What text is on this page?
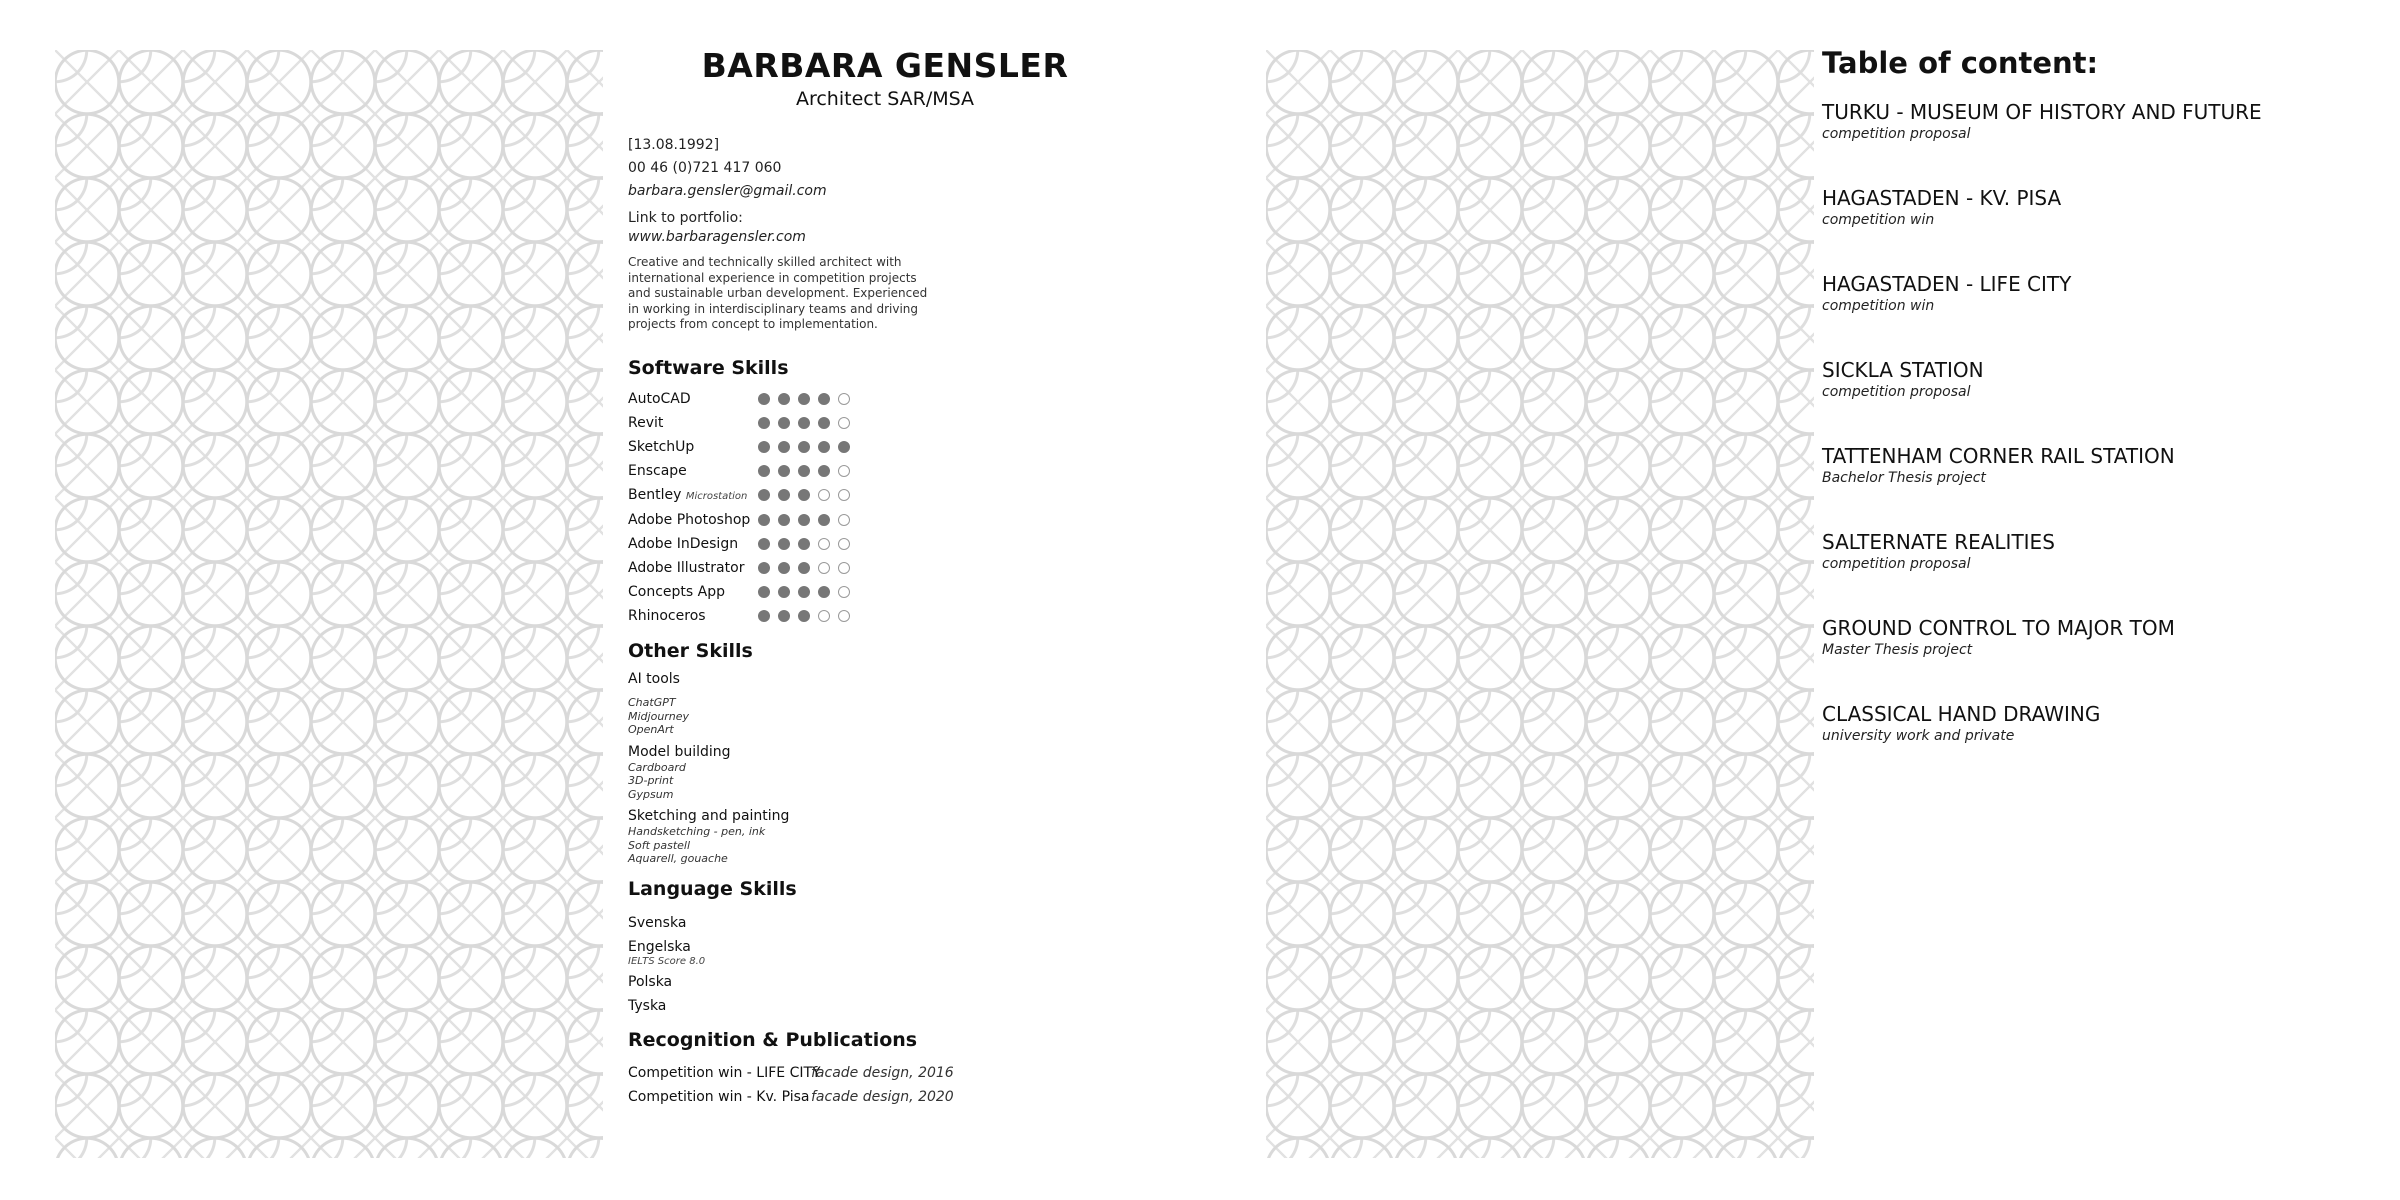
BARBARA GENSLER

Architect SAR/MSA

[13.08.1992]
00 46 (0)721 417 060
barbara.gensler@gmail.com
Link to portfolio:
www.barbaragensler.com
Creative and technically skilled architect with international experience in competition projects and sustainable urban development. Experienced in working in interdisciplinary teams and driving projects from concept to implementation.
Software Skills
AutoCAD
Revit
SketchUp
Enscape
Bentley Microstation
Adobe Photoshop
Adobe InDesign
Adobe Illustrator
Concepts App
Rhinoceros
Other Skills
AI tools
ChatGPT
Midjourney
OpenArt
Model building
Cardboard
3D-print
Gypsum
Sketching and painting
Handsketching - pen, ink
Soft pastell
Aquarell, gouache
Language Skills
Svenska
Engelska
IELTS Score 8.0
Polska
Tyska
Recognition & Publications
Competition win - LIFE CITY
facade design, 2016
Competition win - Kv. Pisa facade design, 2020
Table of content:
TURKU - MUSEUM OF HISTORY AND FUTURE
competition proposal
HAGASTADEN - KV. PISA
competition win
HAGASTADEN - LIFE CITY
competition win
SICKLA STATION
competition proposal
TATTENHAM CORNER RAIL STATION
Bachelor Thesis project
SALTERNATE REALITIES
competition proposal
GROUND CONTROL TO MAJOR TOM
Master Thesis project
CLASSICAL HAND DRAWING
university work and private
